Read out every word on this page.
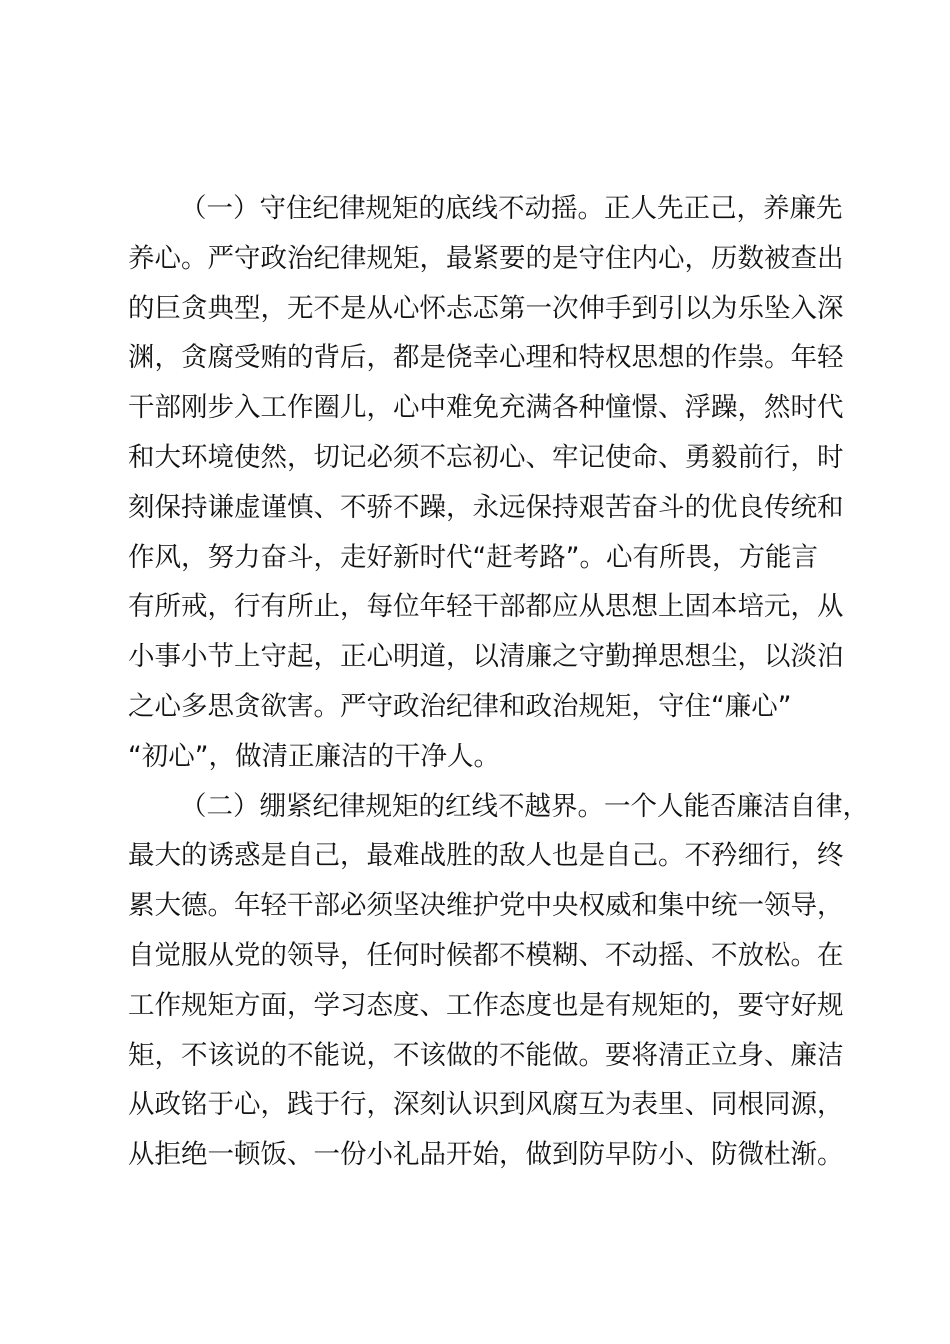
（一）守住纪律规矩的底线不动摇。正人先正己，养廉先
养心。严守政治纪律规矩，最紧要的是守住内心，历数被查出
的巨贪典型，无不是从心怀忐忑第一次伸手到引以为乐坠入深
渊，贪腐受贿的背后，都是侥幸心理和特权思想的作祟。年轻
干部刚步入工作圈儿，心中难免充满各种憧憬、浮躁，然时代
和大环境使然，切记必须不忘初心、牢记使命、勇毅前行，时
刻保持谦虚谨慎、不骄不躁，永远保持艰苦奋斗的优良传统和
作风，努力奋斗，走好新时代“赶考路”。心有所畏，方能言
有所戒，行有所止，每位年轻干部都应从思想上固本培元，从
小事小节上守起，正心明道，以清廉之守勤掸思想尘，以淡泊
之心多思贪欲害。严守政治纪律和政治规矩，守住“廉心”
“初心”，做清正廉洁的干净人。
（二）绷紧纪律规矩的红线不越界。一个人能否廉洁自律，
最大的诱惑是自己，最难战胜的敌人也是自己。不矜细行，终
累大德。年轻干部必须坚决维护党中央权威和集中统一领导，
自觉服从党的领导，任何时候都不模糊、不动摇、不放松。在
工作规矩方面，学习态度、工作态度也是有规矩的，要守好规
矩，不该说的不能说，不该做的不能做。要将清正立身、廉洁
从政铭于心，践于行，深刻认识到风腐互为表里、同根同源，
从拒绝一顿饭、一份小礼品开始，做到防早防小、防微杜渐。
